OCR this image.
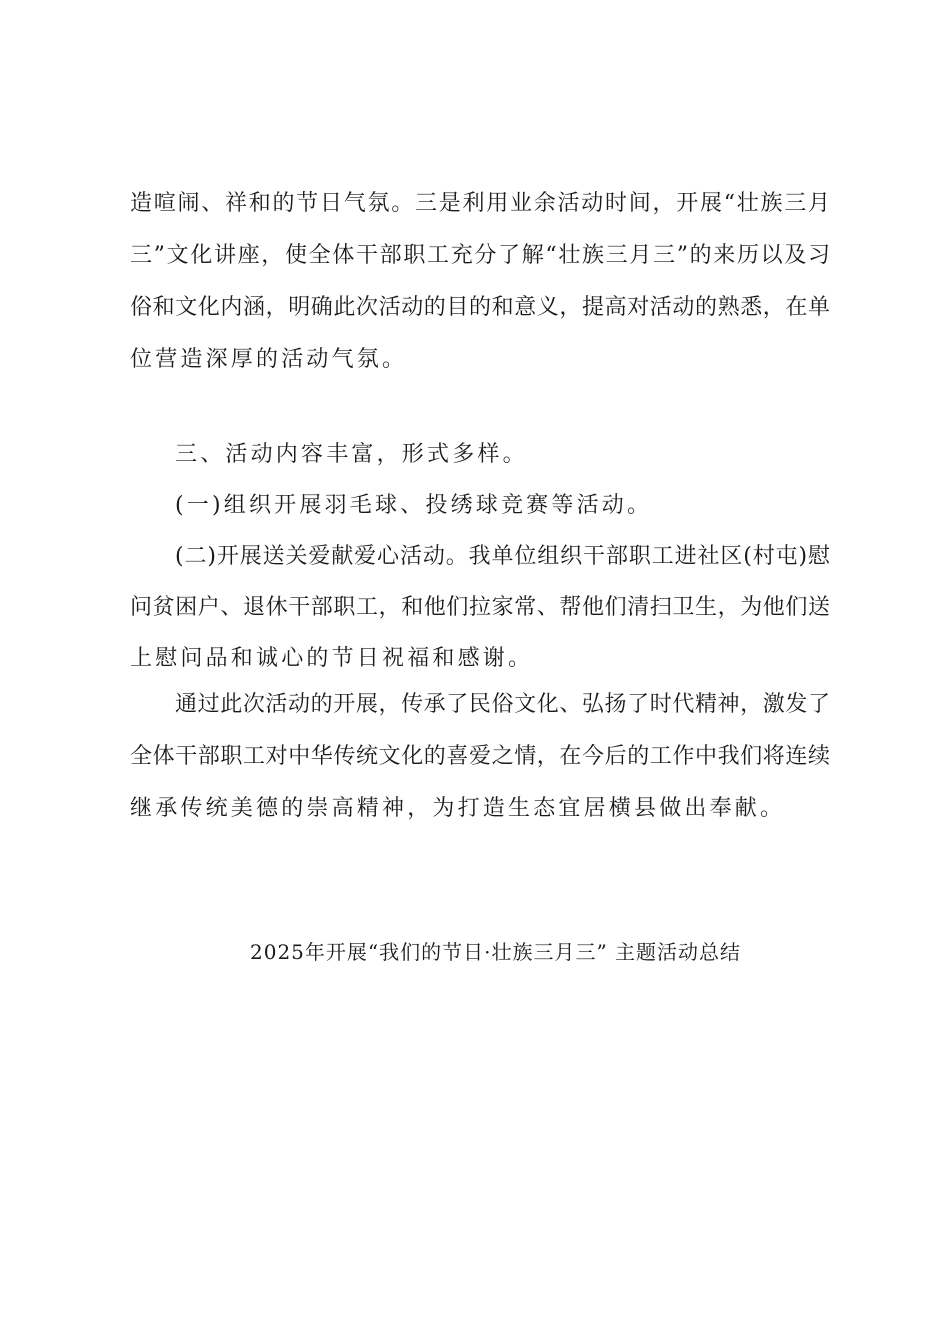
造喧闹、祥和的节日气氛。三是利用业余活动时间，开展“壮族三月
三”文化讲座，使全体干部职工充分了解“壮族三月三”的来历以及习
俗和文化内涵，明确此次活动的目的和意义，提高对活动的熟悉，在单
位营造深厚的活动气氛。
三、活动内容丰富，形式多样。
(一)组织开展羽毛球、投绣球竞赛等活动。
(二)开展送关爱献爱心活动。我单位组织干部职工进社区(村屯)慰
问贫困户、退休干部职工，和他们拉家常、帮他们清扫卫生，为他们送
上慰问品和诚心的节日祝福和感谢。
通过此次活动的开展，传承了民俗文化、弘扬了时代精神，激发了
全体干部职工对中华传统文化的喜爱之情，在今后的工作中我们将连续
继承传统美德的崇高精神，为打造生态宜居横县做出奉献。
2025年开展“我们的节日·壮族三月三” 主题活动总结
